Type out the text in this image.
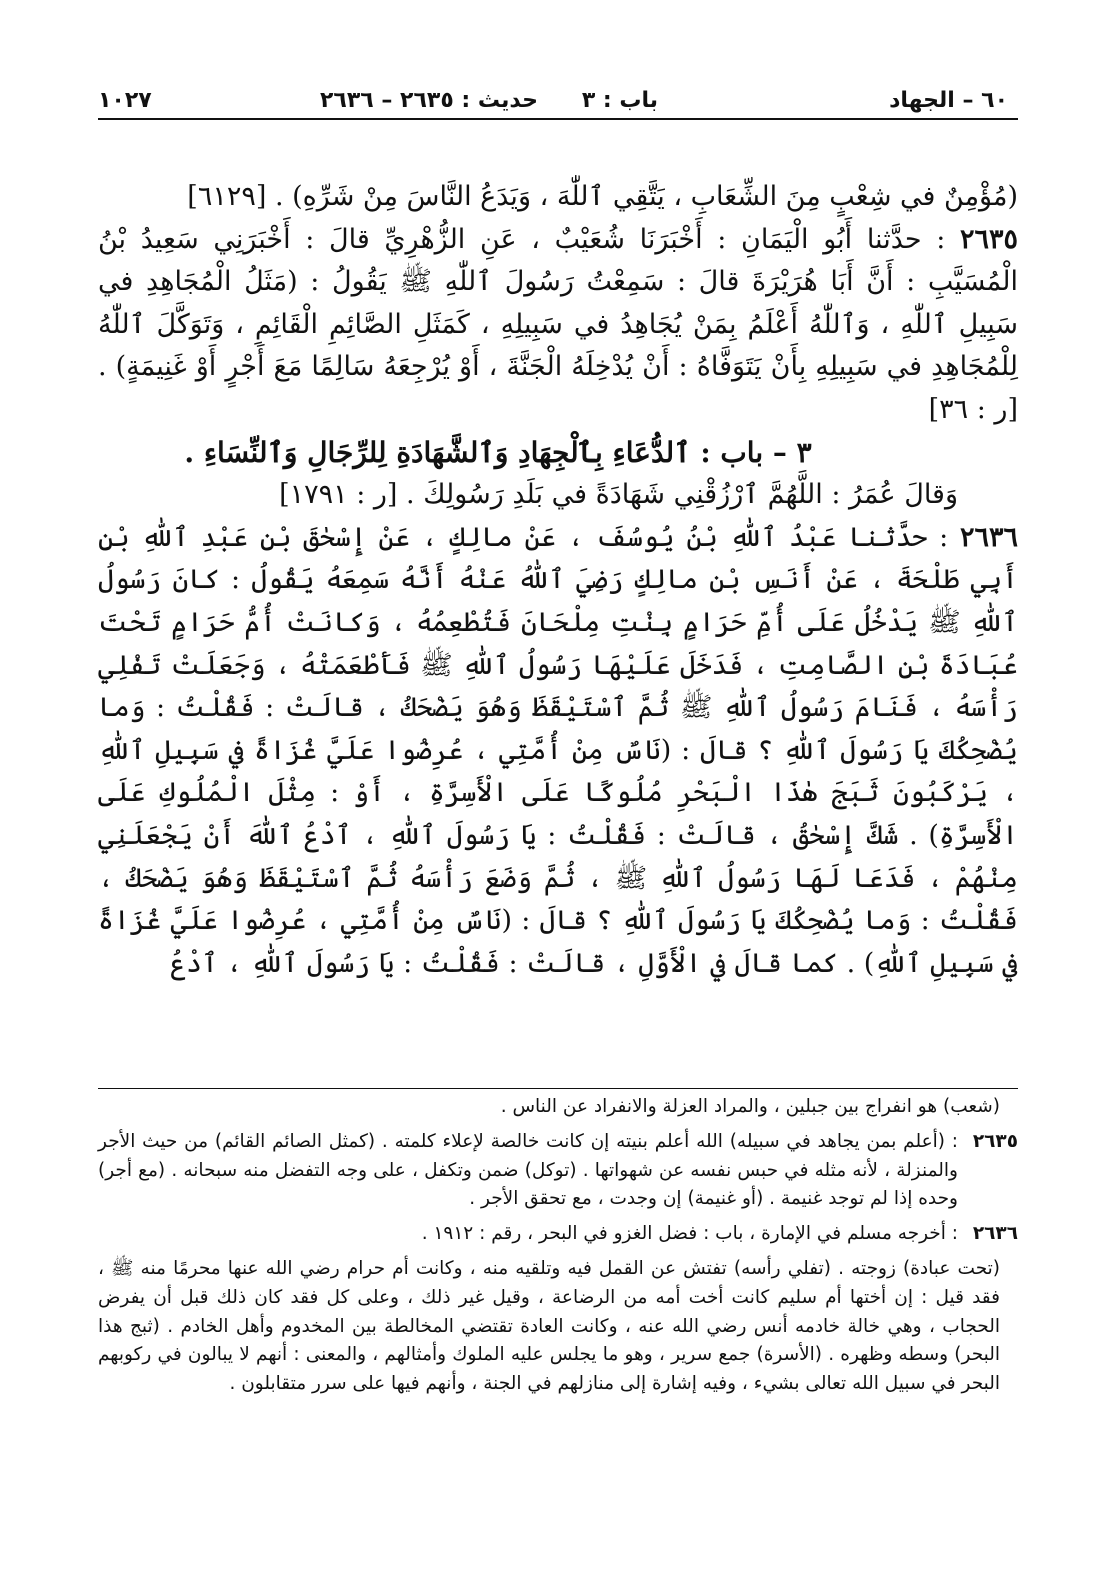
٦٠ – الجهاد
باب : ٣
حديث : ٢٦٣٥ – ٢٦٣٦
١٠٢٧

(مُؤْمِنٌ في شِعْبٍ مِنَ الشِّعَابِ ، يَتَّقِي ٱللّٰهَ ، وَيَدَعُ النَّاسَ مِنْ شَرِّهِ) . [٦١٢٩]

٢٦٣٥ : حدَّثنا أَبُو الْيَمَانِ : أَخْبَرَنَا شُعَيْبٌ ، عَنِ الزُّهْرِيِّ قالَ : أَخْبَرَنِي سَعِيدُ بْنُ الْمُسَيَّبِ : أَنَّ أَبَا هُرَيْرَةَ قالَ : سَمِعْتُ رَسُولَ ٱللّٰهِ ﷺ يَقُولُ : (مَثَلُ الْمُجَاهِدِ في سَبِيلِ ٱللّٰهِ ، وَٱللّٰهُ أَعْلَمُ بِمَنْ يُجَاهِدُ في سَبِيلِهِ ، كَمَثَلِ الصَّائِمِ الْقَائِمِ ، وَتَوَكَّلَ ٱللّٰهُ لِلْمُجَاهِدِ في سَبِيلِهِ بِأَنْ يَتَوَفَّاهُ : أَنْ يُدْخِلَهُ الْجَنَّةَ ، أَوْ يُرْجِعَهُ سَالِمًا مَعَ أَجْرٍ أَوْ غَنِيمَةٍ) . [ر : ٣٦]

٣ – باب : ٱلدُّعَاءِ بِٱلْجِهَادِ وَٱلشَّهَادَةِ لِلرِّجَالِ وَٱلنِّسَاءِ .

وَقالَ عُمَرُ : اللَّهُمَّ ٱرْزُقْنِي شَهَادَةً في بَلَدِ رَسُولِكَ . [ر : ١٧٩١]

٢٦٣٦ : حدَّثنا عَبْدُ ٱللّٰهِ بْنُ يُوسُفَ ، عَنْ مالِكٍ ، عَنْ إِسْحٰقَ بْنِ عَبْدِ ٱللّٰهِ بْنِ أَبِي طَلْحَةَ ، عَنْ أَنَسِ بْنِ مالِكٍ رَضِيَ ٱللّٰهُ عَنْهُ أَنَّهُ سَمِعَهُ يَقُولُ : كانَ رَسُولُ ٱللّٰهِ ﷺ يَدْخُلُ عَلَى أُمِّ حَرَامٍ بِنْتِ مِلْحَانَ فَتُطْعِمُهُ ، وَكانَتْ أُمُّ حَرَامٍ تَحْتَ عُبَادَةَ بْنِ الصَّامِتِ ، فَدَخَلَ عَلَيْهَا رَسُولُ ٱللّٰهِ ﷺ فَأَطْعَمَتْهُ ، وَجَعَلَتْ تَفْلِي رَأْسَهُ ، فَنَامَ رَسُولُ ٱللّٰهِ ﷺ ثُمَّ ٱسْتَيْقَظَ وَهُوَ يَضْحَكُ ، قالَتْ : فَقُلْتُ : وَما يُضْحِكُكَ يَا رَسُولَ ٱللّٰهِ ؟ قالَ : (نَاسٌ مِنْ أُمَّتِي ، عُرِضُوا عَلَيَّ غُزَاةً في سَبِيلِ ٱللّٰهِ ، يَرْكَبُونَ ثَبَجَ هٰذَا الْبَحْرِ مُلُوكًا عَلَى الْأَسِرَّةِ ، أَوْ : مِثْلَ الْمُلُوكِ عَلَى الْأَسِرَّةِ) . شَكَّ إِسْحٰقُ ، قالَتْ : فَقُلْتُ : يَا رَسُولَ ٱللّٰهِ ، ٱدْعُ ٱللّٰهَ أَنْ يَجْعَلَنِي مِنْهُمْ ، فَدَعَا لَهَا رَسُولُ ٱللّٰهِ ﷺ ، ثُمَّ وَضَعَ رَأْسَهُ ثُمَّ ٱسْتَيْقَظَ وَهُوَ يَضْحَكُ ، فَقُلْتُ : وَما يُضْحِكُكَ يَا رَسُولَ ٱللّٰهِ ؟ قالَ : (نَاسٌ مِنْ أُمَّتِي ، عُرِضُوا عَلَيَّ غُزَاةً في سَبِيلِ ٱللّٰهِ) . كما قالَ في الْأَوَّلِ ، قالَتْ : فَقُلْتُ : يَا رَسُولَ ٱللّٰهِ ، ٱدْعُ

(شعب) هو انفراج بين جبلين ، والمراد العزلة والانفراد عن الناس .

٢٦٣٥
: (أعلم بمن يجاهد في سبيله) الله أعلم بنيته إن كانت خالصة لإعلاء كلمته . (كمثل الصائم القائم) من حيث الأجر والمنزلة ، لأنه مثله في حبس نفسه عن شهواتها . (توكل) ضمن وتكفل ، على وجه التفضل منه سبحانه . (مع أجر) وحده إذا لم توجد غنيمة . (أو غنيمة) إن وجدت ، مع تحقق الأجر .

٢٦٣٦
: أخرجه مسلم في الإمارة ، باب : فضل الغزو في البحر ، رقم : ١٩١٢ .

(تحت عبادة) زوجته . (تفلي رأسه) تفتش عن القمل فيه وتلقيه منه ، وكانت أم حرام رضي الله عنها محرمًا منه ﷺ ، فقد قيل : إن أختها أم سليم كانت أخت أمه من الرضاعة ، وقيل غير ذلك ، وعلى كل فقد كان ذلك قبل أن يفرض الحجاب ، وهي خالة خادمه أنس رضي الله عنه ، وكانت العادة تقتضي المخالطة بين المخدوم وأهل الخادم . (ثبج هذا البحر) وسطه وظهره . (الأسرة) جمع سرير ، وهو ما يجلس عليه الملوك وأمثالهم ، والمعنى : أنهم لا يبالون في ركوبهم البحر في سبيل الله تعالى بشيء ، وفيه إشارة إلى منازلهم في الجنة ، وأنهم فيها على سرر متقابلون .
